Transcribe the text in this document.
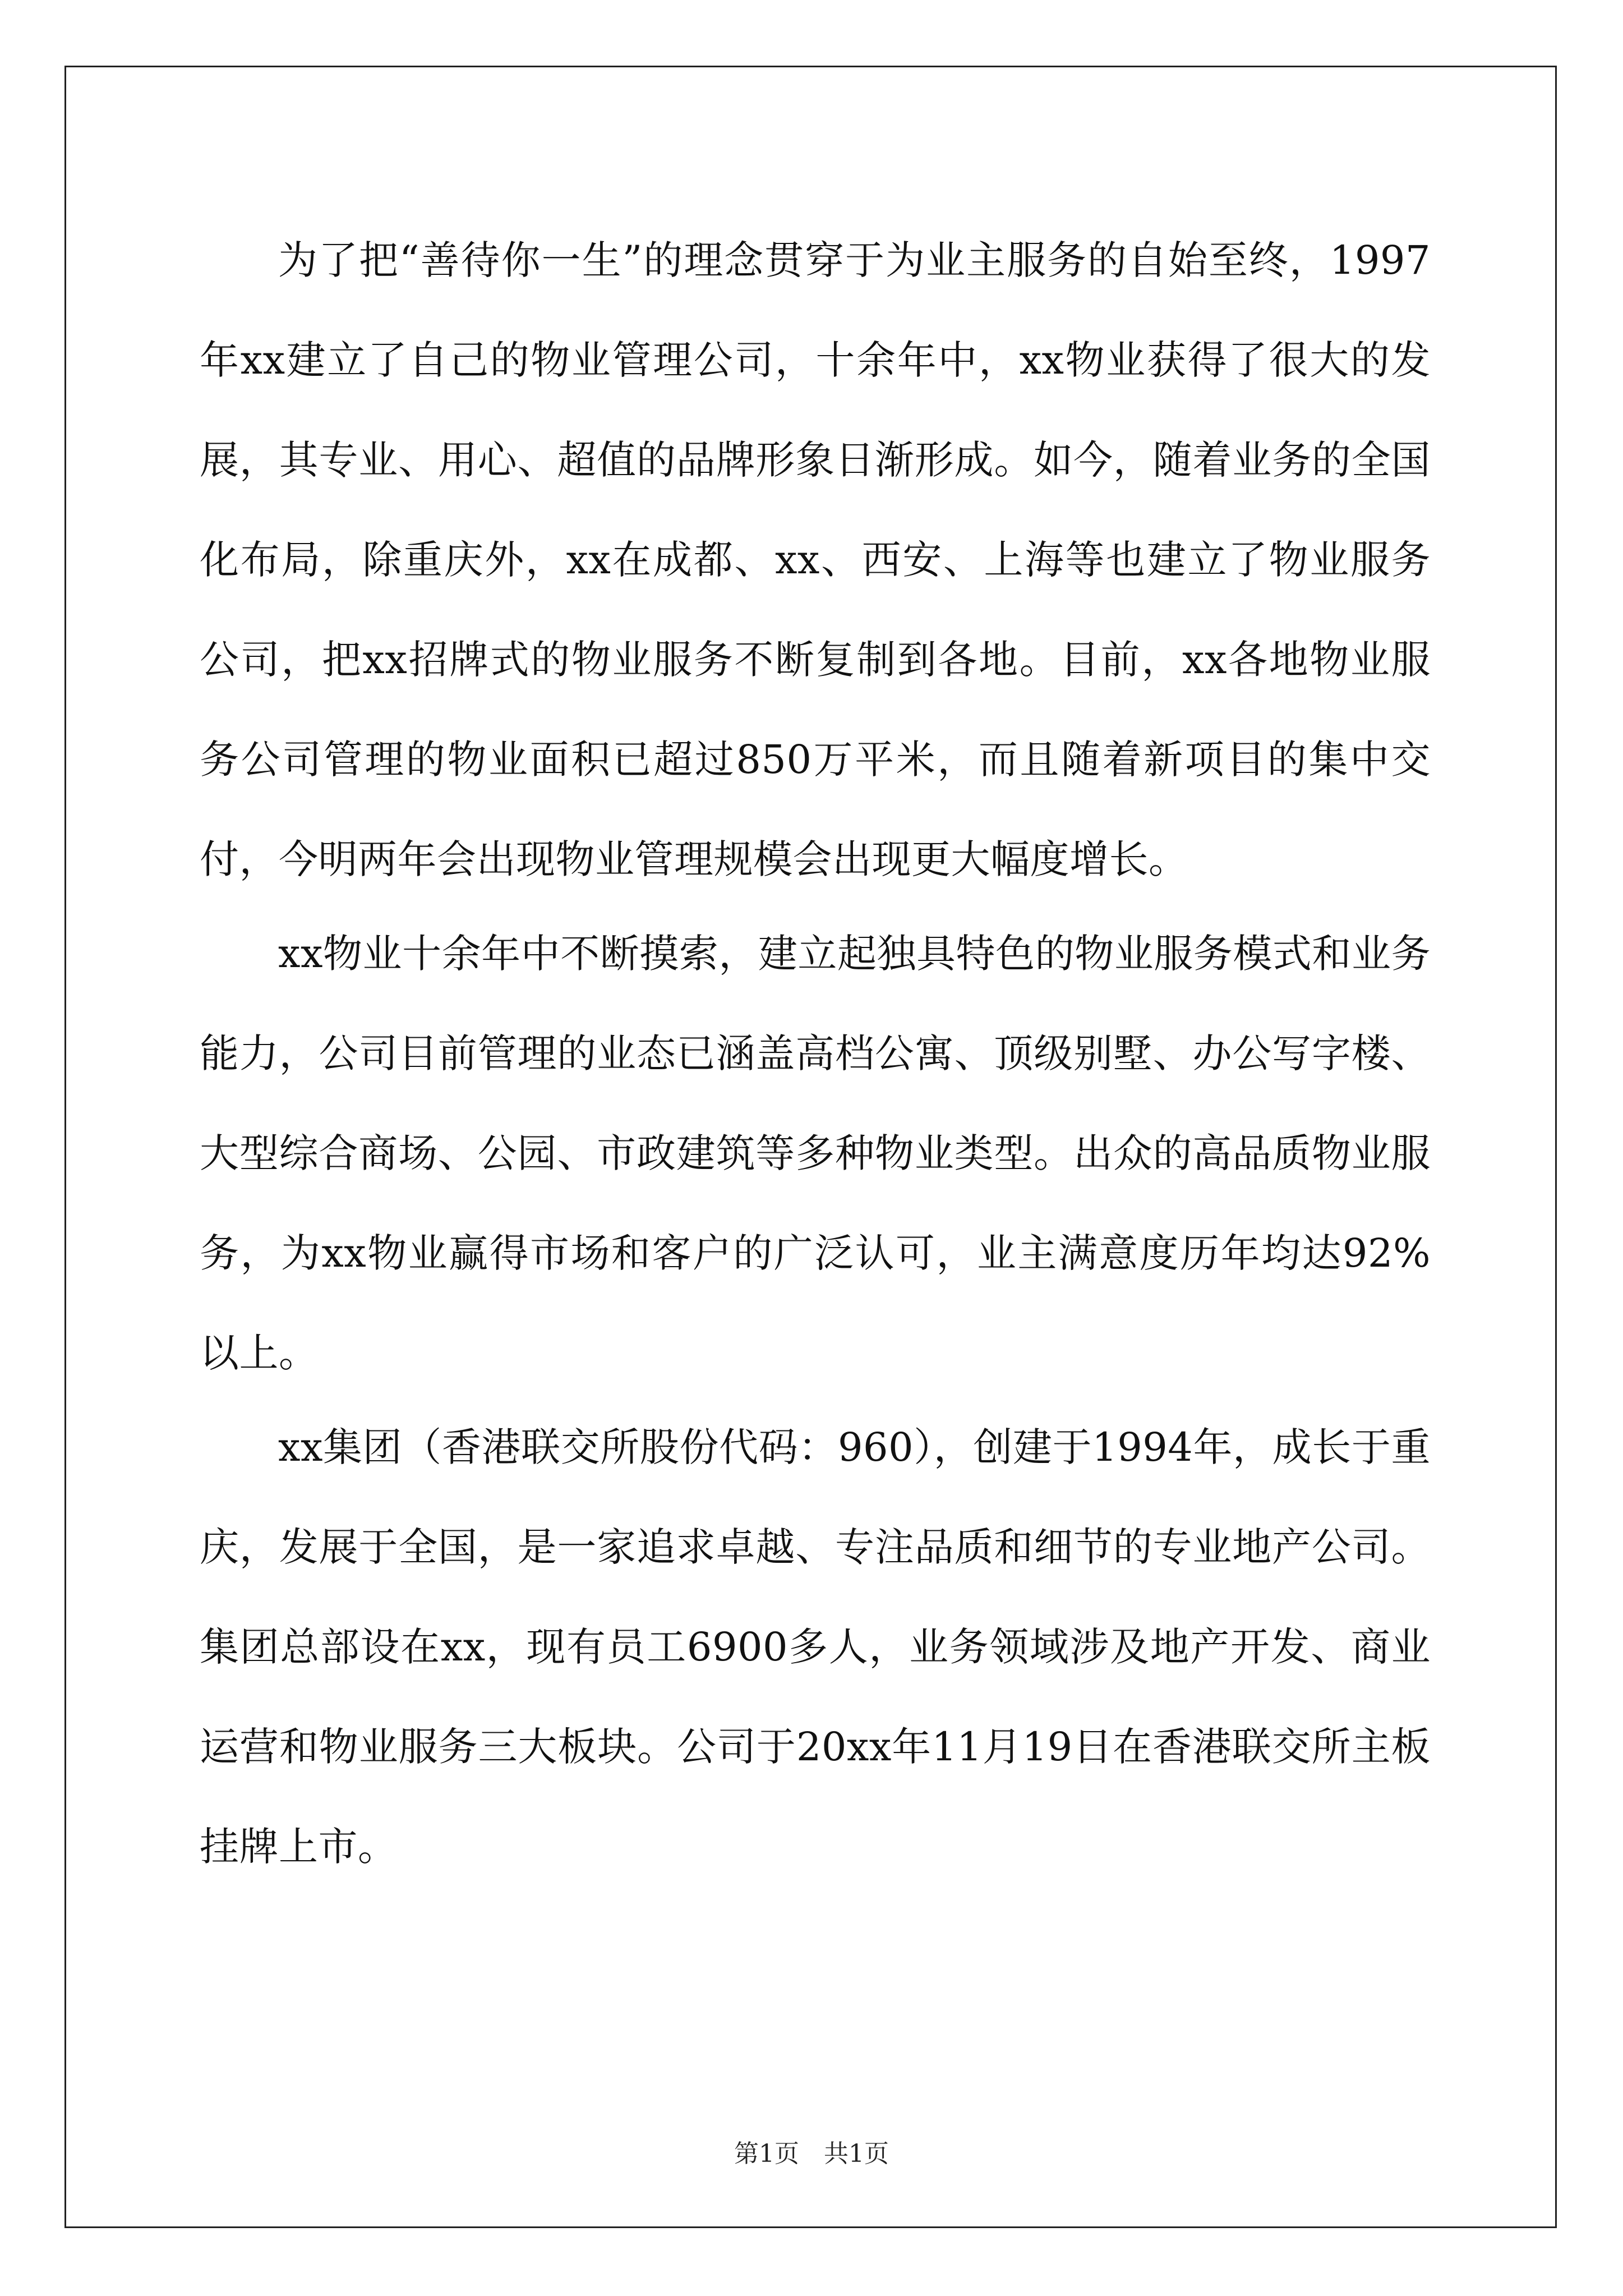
为了把“善待你一生”的理念贯穿于为业主服务的自始至终，1997年xx建立了自己的物业管理公司，十余年中，xx物业获得了很大的发展，其专业、用心、超值的品牌形象日渐形成。如今，随着业务的全国化布局，除重庆外，xx在成都、xx、西安、上海等也建立了物业服务公司，把xx招牌式的物业服务不断复制到各地。目前，xx各地物业服务公司管理的物业面积已超过850万平米，而且随着新项目的集中交付，今明两年会出现物业管理规模会出现更大幅度增长。

xx物业十余年中不断摸索，建立起独具特色的物业服务模式和业务能力，公司目前管理的业态已涵盖高档公寓、顶级别墅、办公写字楼、大型综合商场、公园、市政建筑等多种物业类型。出众的高品质物业服务，为xx物业赢得市场和客户的广泛认可，业主满意度历年均达92%以上。

xx集团（香港联交所股份代码：960），创建于1994年，成长于重庆，发展于全国，是一家追求卓越、专注品质和细节的专业地产公司。集团总部设在xx，现有员工6900多人，业务领域涉及地产开发、商业运营和物业服务三大板块。公司于20xx年11月19日在香港联交所主板挂牌上市。

第1页　共1页
